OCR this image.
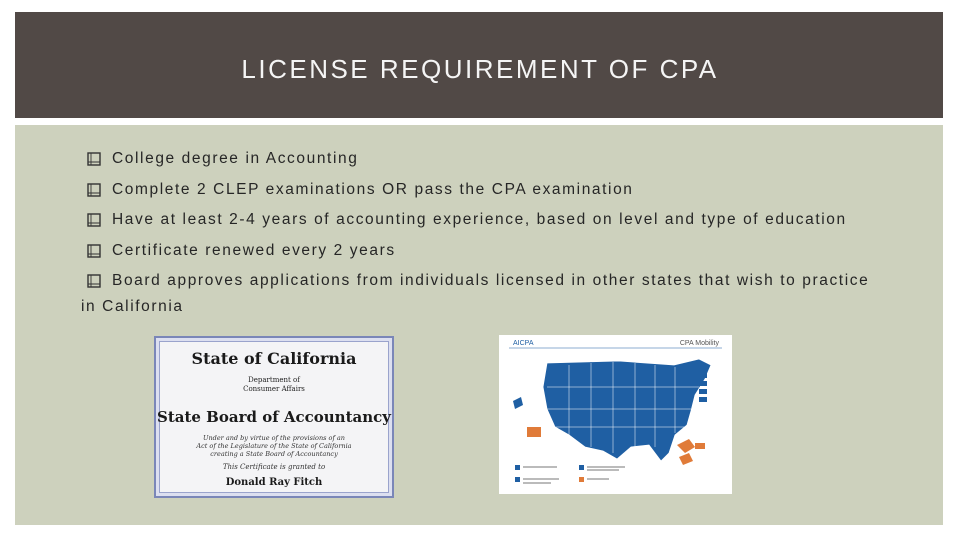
LICENSE REQUIREMENT OF CPA
College degree in Accounting
Complete 2 CLEP examinations OR pass the CPA examination
Have at least 2-4 years of accounting experience, based on level and type of education
Certificate renewed every 2 years
Board approves applications from individuals licensed in other states that wish to practice
in California
State of California
Department of
Consumer Affairs
State Board of Accountancy
Under and by virtue of the provisions of an
Act of the Legislature of the State of California
creating a State Board of Accountancy
This Certificate is granted to
Donald Ray Fitch
AICPA	CPA Mobility
